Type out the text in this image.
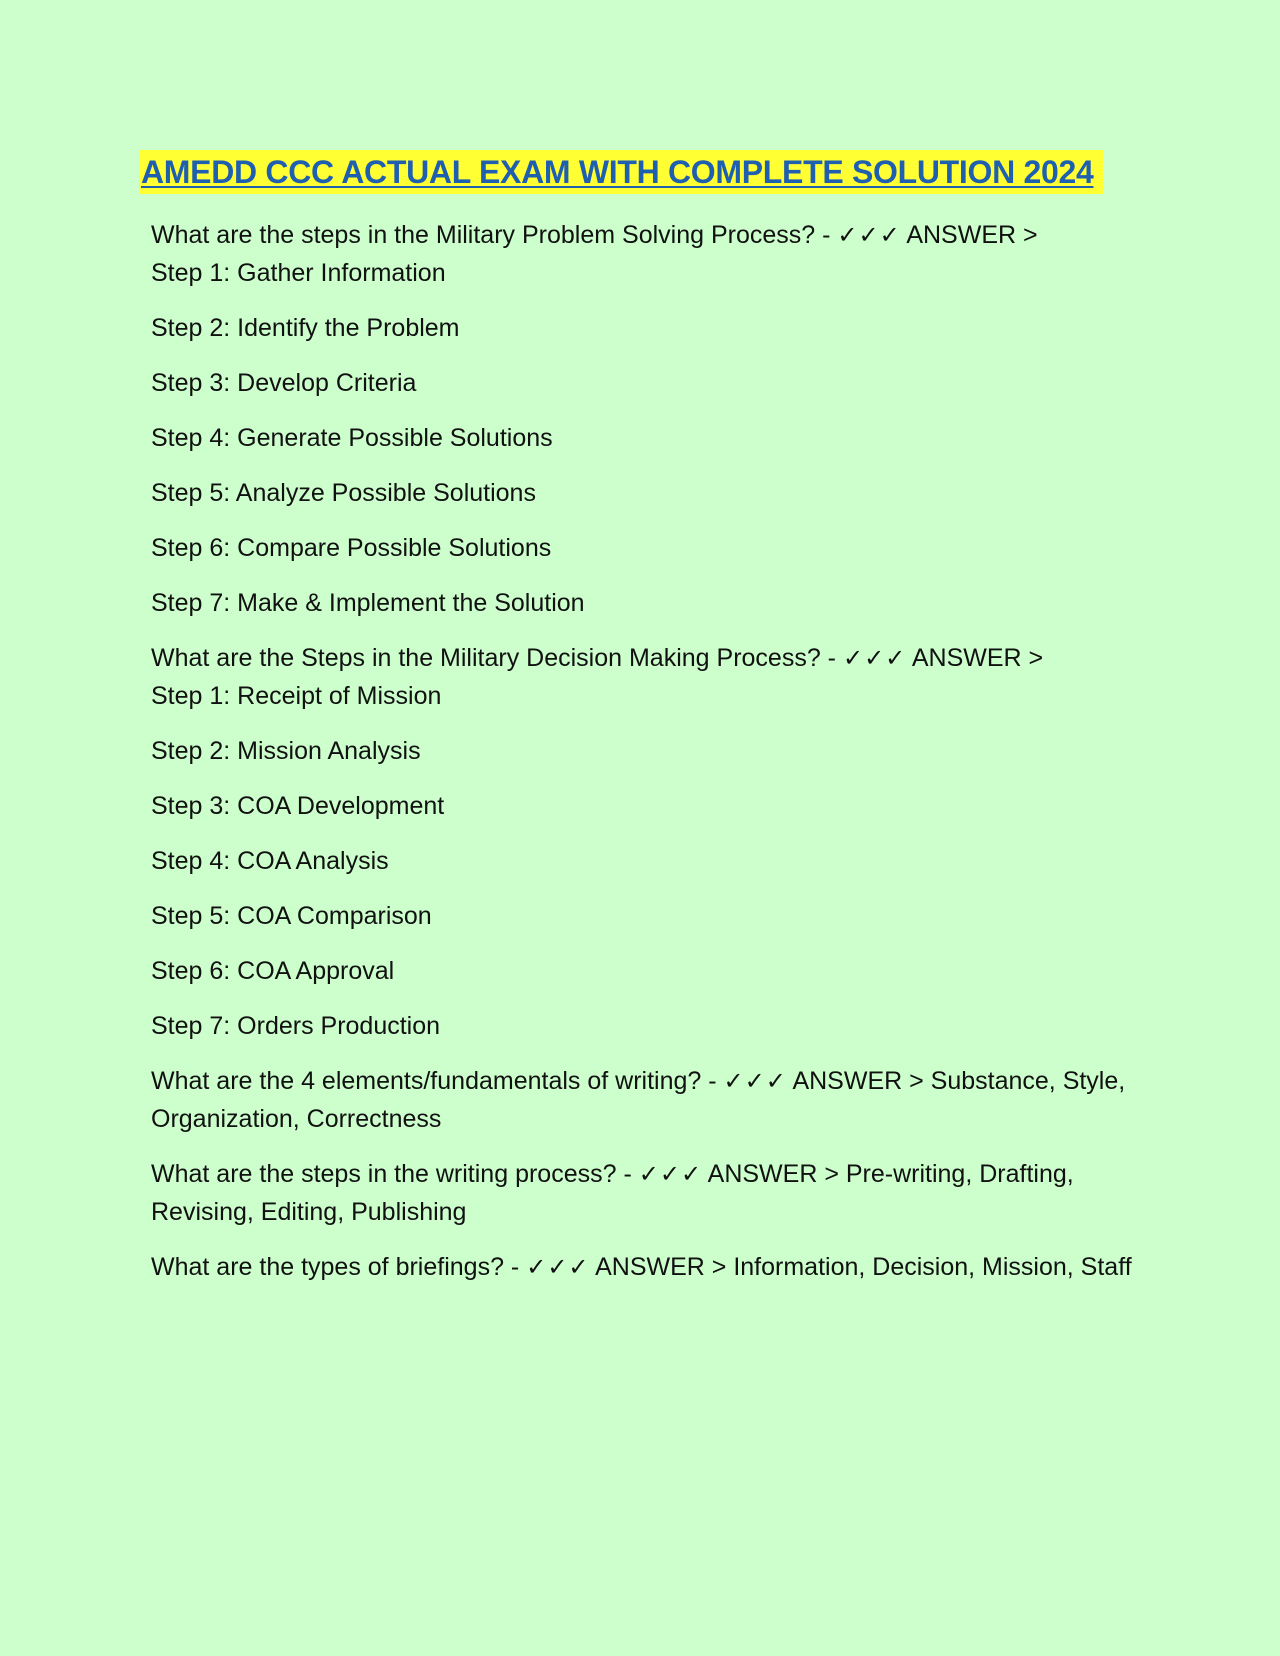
AMEDD CCC ACTUAL EXAM WITH COMPLETE SOLUTION 2024
What are the steps in the Military Problem Solving Process? - ✓✓✓ ANSWER >
Step 1: Gather Information
Step 2: Identify the Problem
Step 3: Develop Criteria
Step 4: Generate Possible Solutions
Step 5: Analyze Possible Solutions
Step 6: Compare Possible Solutions
Step 7: Make & Implement the Solution
What are the Steps in the Military Decision Making Process? - ✓✓✓ ANSWER >
Step 1: Receipt of Mission
Step 2: Mission Analysis
Step 3: COA Development
Step 4: COA Analysis
Step 5: COA Comparison
Step 6: COA Approval
Step 7: Orders Production
What are the 4 elements/fundamentals of writing? - ✓✓✓ ANSWER > Substance, Style, Organization, Correctness
What are the steps in the writing process? - ✓✓✓ ANSWER > Pre-writing, Drafting, Revising, Editing, Publishing
What are the types of briefings? - ✓✓✓ ANSWER > Information, Decision, Mission, Staff
